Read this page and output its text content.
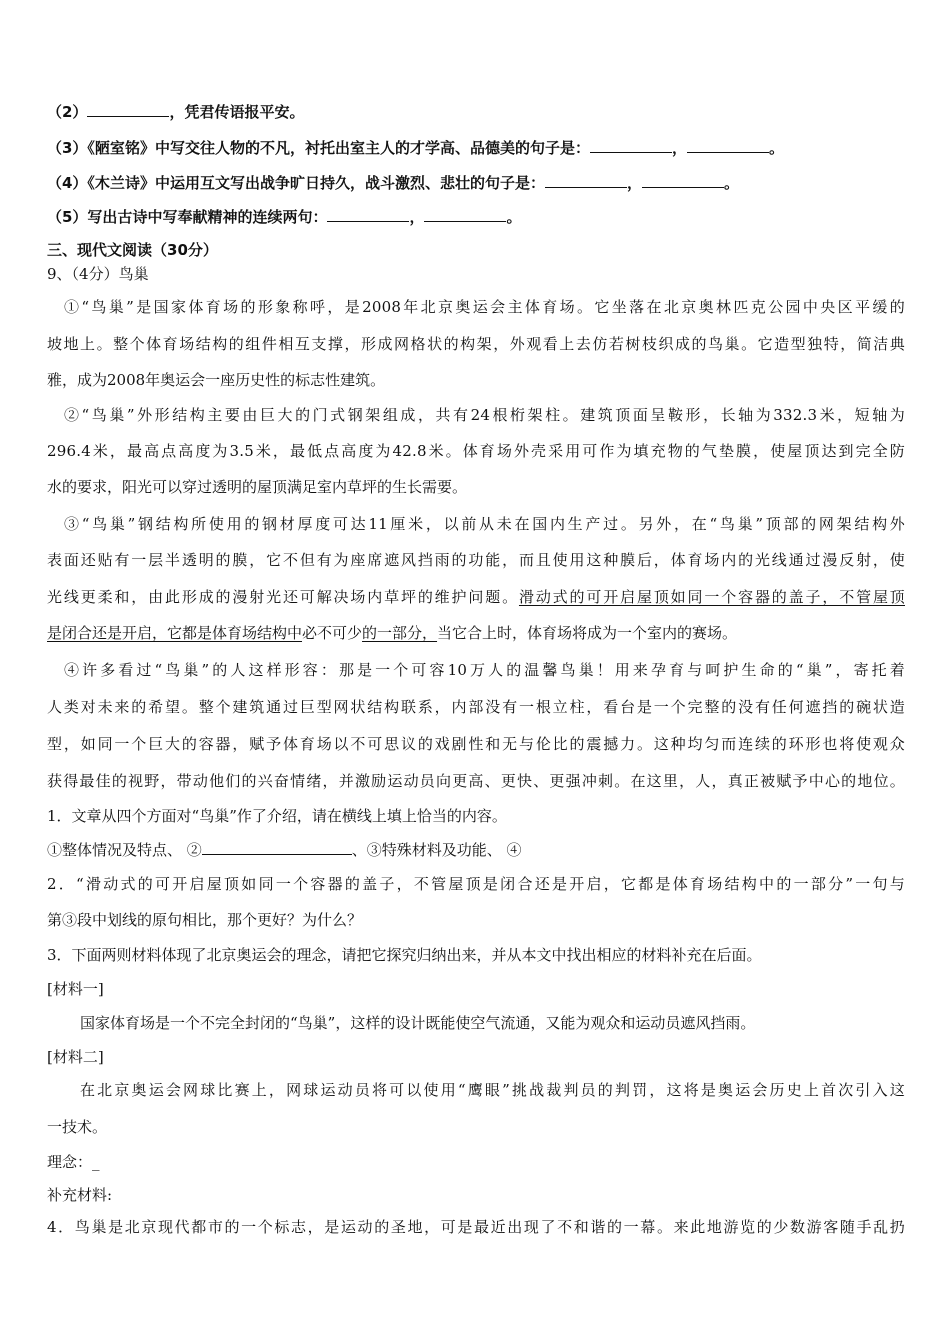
（2）	，凭君传语报平安。
（3）《陋室铭》中写交往人物的不凡，衬托出室主人的才学高、品德美的句子是：	，	。
（4）《木兰诗》中运用互文写出战争旷日持久，战斗激烈、悲壮的句子是：	，	。
（5）写出古诗中写奉献精神的连续两句：	，	。
三、现代文阅读（30分）
9、（4分）鸟巢
①“鸟巢”是国家体育场的形象称呼，是2008年北京奥运会主体育场。它坐落在北京奥林匹克公园中央区平缓的
坡地上。整个体育场结构的组件相互支撑，形成网格状的构架，外观看上去仿若树枝织成的鸟巢。它造型独特，简洁典
雅，成为2008年奥运会一座历史性的标志性建筑。
②“鸟巢”外形结构主要由巨大的门式钢架组成，共有24根桁架柱。建筑顶面呈鞍形，长轴为332.3米，短轴为
296.4米，最高点高度为3.5米，最低点高度为42.8米。体育场外壳采用可作为填充物的气垫膜，使屋顶达到完全防
水的要求，阳光可以穿过透明的屋顶满足室内草坪的生长需要。
③“鸟巢”钢结构所使用的钢材厚度可达11厘米，以前从未在国内生产过。另外，在“鸟巢”顶部的网架结构外
表面还贴有一层半透明的膜，它不但有为座席遮风挡雨的功能，而且使用这种膜后，体育场内的光线通过漫反射，使
光线更柔和，由此形成的漫射光还可解决场内草坪的维护问题。滑动式的可开启屋顶如同一个容器的盖子，不管屋顶
是闭合还是开启，它都是体育场结构中必不可少的一部分，当它合上时，体育场将成为一个室内的赛场。
④许多看过“鸟巢”的人这样形容：那是一个可容10万人的温馨鸟巢！用来孕育与呵护生命的“巢”，寄托着
人类对未来的希望。整个建筑通过巨型网状结构联系，内部没有一根立柱，看台是一个完整的没有任何遮挡的碗状造
型，如同一个巨大的容器，赋予体育场以不可思议的戏剧性和无与伦比的震撼力。这种均匀而连续的环形也将使观众
获得最佳的视野，带动他们的兴奋情绪，并激励运动员向更高、更快、更强冲刺。在这里，人，真正被赋予中心的地位。
1．文章从四个方面对“鸟巢”作了介绍，请在横线上填上恰当的内容。
①整体情况及特点、 ②	、③特殊材料及功能、 ④
2．“滑动式的可开启屋顶如同一个容器的盖子，不管屋顶是闭合还是开启，它都是体育场结构中的一部分”一句与
第③段中划线的原句相比，那个更好？为什么？
3．下面两则材料体现了北京奥运会的理念，请把它探究归纳出来，并从本文中找出相应的材料补充在后面。
[材料一]
国家体育场是一个不完全封闭的“鸟巢”，这样的设计既能使空气流通，又能为观众和运动员遮风挡雨。
[材料二]
在北京奥运会网球比赛上，网球运动员将可以使用“鹰眼”挑战裁判员的判罚，这将是奥运会历史上首次引入这
一技术。
理念：_
补充材料:
4．鸟巢是北京现代都市的一个标志，是运动的圣地，可是最近出现了不和谐的一幕。来此地游览的少数游客随手乱扔
